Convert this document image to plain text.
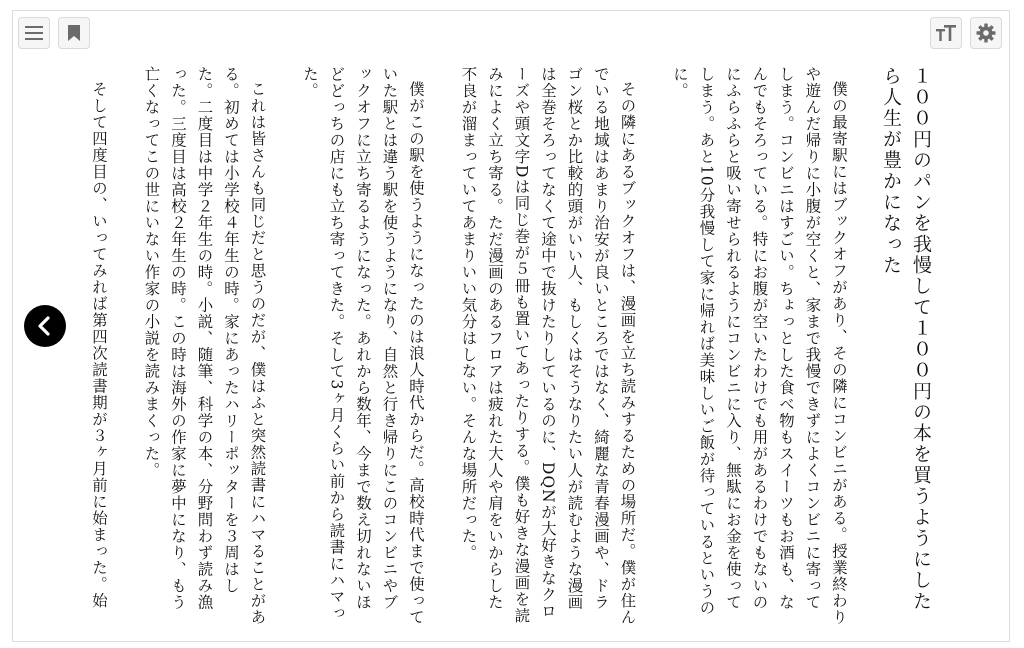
１００円のパンを我慢して１００円の本を買うようにしたら人生が豊かになった

僕の最寄駅にはブックオフがあり、その隣にコンビニがある。授業終わりや遊んだ帰りに小腹が空くと、家まで我慢できずによくコンビニに寄ってしまう。コンビニはすごい。ちょっとした食べ物もスイーツもお酒も、なんでもそろっている。特にお腹が空いたわけでも用があるわけでもないのにふらふらと吸い寄せられるようにコンビニに入り、無駄にお金を使ってしまう。あと10分我慢して家に帰れば美味しいご飯が待っているというのに。

その隣にあるブックオフは、漫画を立ち読みするための場所だ。僕が住んでいる地域はあまり治安が良いところではなく、綺麗な青春漫画や、ドラゴン桜とか比較的頭がいい人、もしくはそうなりたい人が読むような漫画は全巻そろってなくて途中で抜けたりしているのに、DQNが大好きなクローズや頭文字Dは同じ巻が５冊も置いてあったりする。僕も好きな漫画を読みによく立ち寄る。ただ漫画のあるフロアは疲れた大人や肩をいからした不良が溜まっていてあまりいい気分はしない。そんな場所だった。

僕がこの駅を使うようになったのは浪人時代からだ。高校時代まで使っていた駅とは違う駅を使うようになり、自然と行き帰りにこのコンビニやブックオフに立ち寄るようになった。あれから数年、今まで数え切れないほどどっちの店にも立ち寄ってきた。そして3ヶ月くらい前から読書にハマった。

これは皆さんも同じだと思うのだが、僕はふと突然読書にハマることがある。初めては小学校４年生の時。家にあったハリーポッターを３周はした。二度目は中学２年生の時。小説、随筆、科学の本、分野問わず読み漁った。三度目は高校２年生の時。この時は海外の作家に夢中になり、もう亡くなってこの世にいない作家の小説を読みまくった。

そして四度目の、いってみれば第四次読書期が３ヶ月前に始まった。始
